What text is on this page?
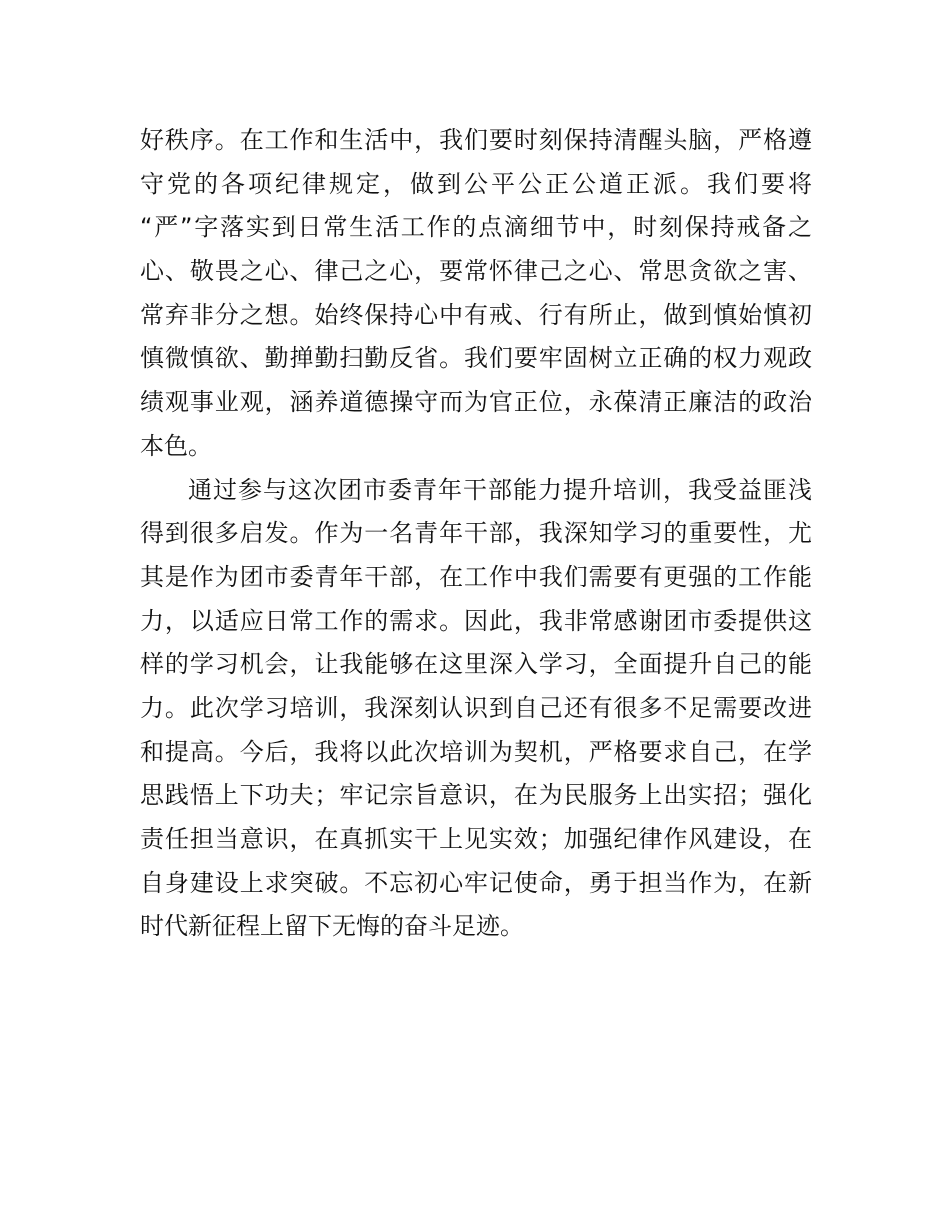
好秩序。在工作和生活中，我们要时刻保持清醒头脑，严格遵
守党的各项纪律规定，做到公平公正公道正派。我们要将
“严”字落实到日常生活工作的点滴细节中，时刻保持戒备之
心、敬畏之心、律己之心，要常怀律己之心、常思贪欲之害、
常弃非分之想。始终保持心中有戒、行有所止，做到慎始慎初
慎微慎欲、勤掸勤扫勤反省。我们要牢固树立正确的权力观政
绩观事业观，涵养道德操守而为官正位，永葆清正廉洁的政治
本色。
通过参与这次团市委青年干部能力提升培训，我受益匪浅
得到很多启发。作为一名青年干部，我深知学习的重要性，尤
其是作为团市委青年干部，在工作中我们需要有更强的工作能
力，以适应日常工作的需求。因此，我非常感谢团市委提供这
样的学习机会，让我能够在这里深入学习，全面提升自己的能
力。此次学习培训，我深刻认识到自己还有很多不足需要改进
和提高。今后，我将以此次培训为契机，严格要求自己，在学
思践悟上下功夫；牢记宗旨意识，在为民服务上出实招；强化
责任担当意识，在真抓实干上见实效；加强纪律作风建设，在
自身建设上求突破。不忘初心牢记使命，勇于担当作为，在新
时代新征程上留下无悔的奋斗足迹。
